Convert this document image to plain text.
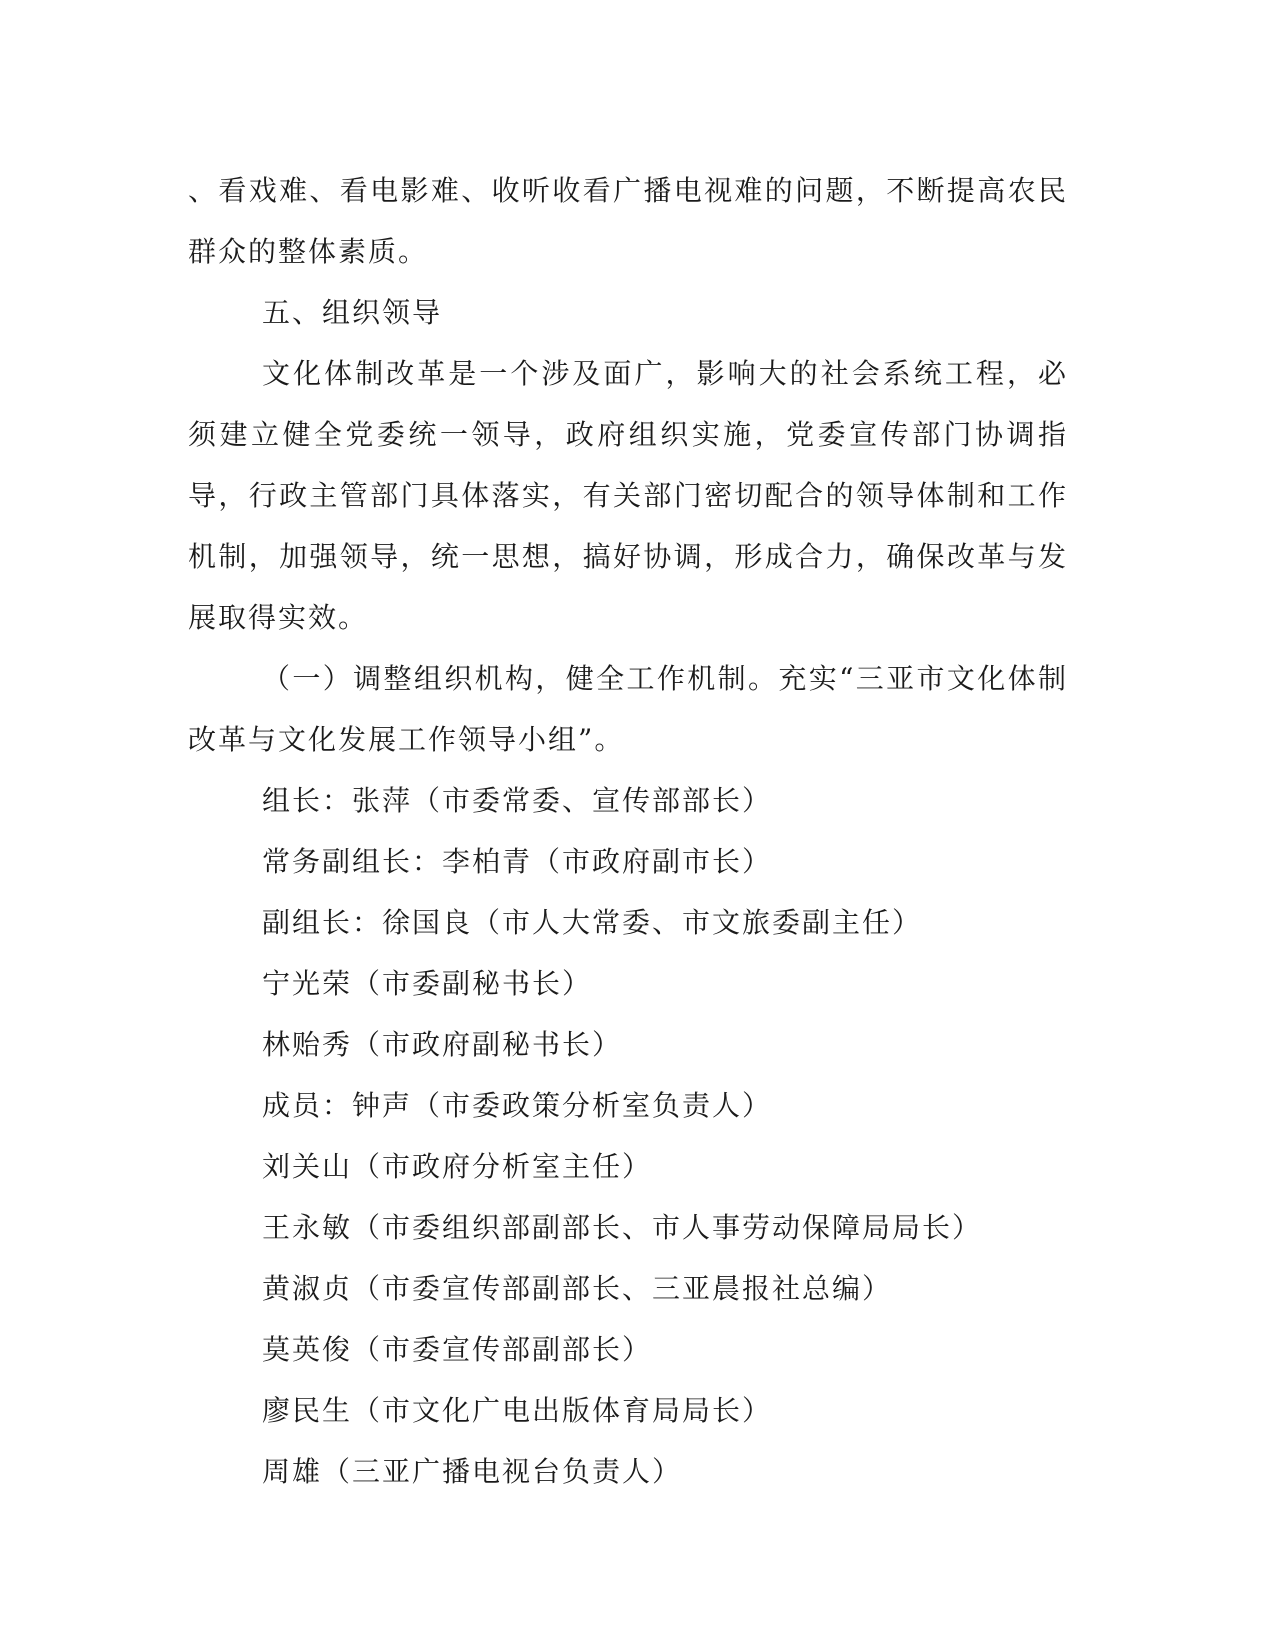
、看戏难、看电影难、收听收看广播电视难的问题，不断提高农民群众的整体素质。

五、组织领导

文化体制改革是一个涉及面广，影响大的社会系统工程，必须建立健全党委统一领导，政府组织实施，党委宣传部门协调指导，行政主管部门具体落实，有关部门密切配合的领导体制和工作机制，加强领导，统一思想，搞好协调，形成合力，确保改革与发展取得实效。

（一）调整组织机构，健全工作机制。充实“三亚市文化体制改革与文化发展工作领导小组”。

组长：张萍（市委常委、宣传部部长）

常务副组长：李柏青（市政府副市长）

副组长：徐国良（市人大常委、市文旅委副主任）

宁光荣（市委副秘书长）

林贻秀（市政府副秘书长）

成员：钟声（市委政策分析室负责人）

刘关山（市政府分析室主任）

王永敏（市委组织部副部长、市人事劳动保障局局长）

黄淑贞（市委宣传部副部长、三亚晨报社总编）

莫英俊（市委宣传部副部长）

廖民生（市文化广电出版体育局局长）

周雄（三亚广播电视台负责人）
